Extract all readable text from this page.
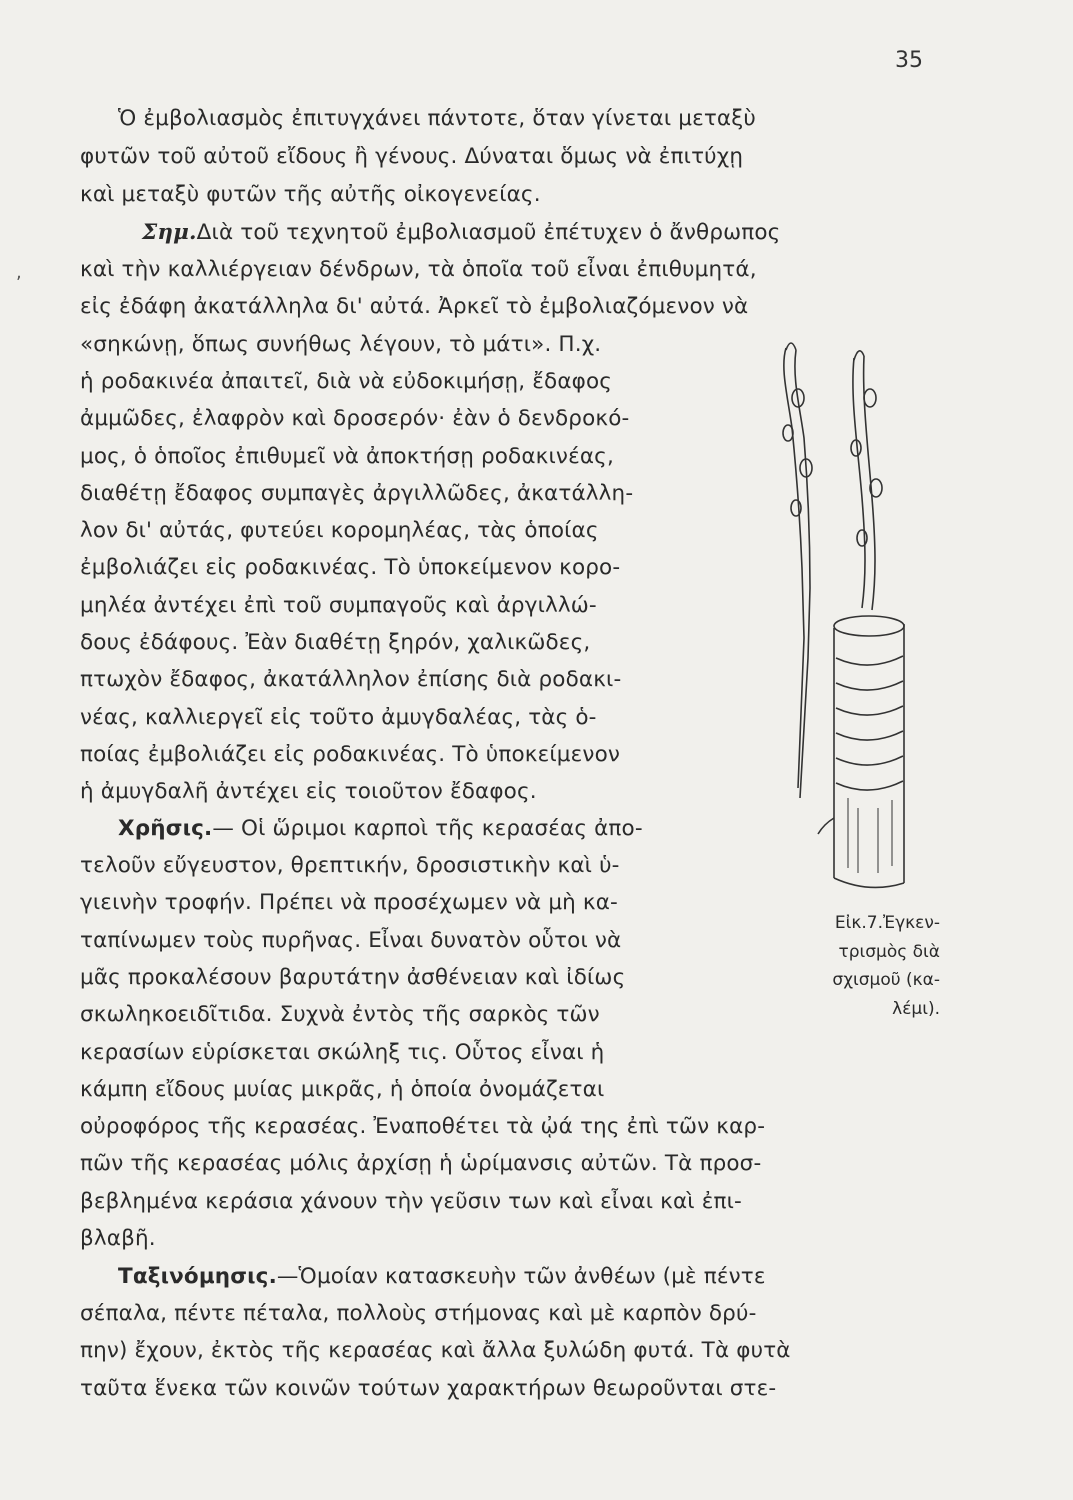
35
Ὁ ἐμβολιασμὸς ἐπιτυγχάνει πάντοτε, ὅταν γίνεται μεταξὺ
φυτῶν τοῦ αὐτοῦ εἴδους ἢ γένους. Δύναται ὅμως νὰ ἐπιτύχῃ
καὶ μεταξὺ φυτῶν τῆς αὐτῆς οἰκογενείας.
Σημ.Διὰ τοῦ τεχνητοῦ ἐμβολιασμοῦ ἐπέτυχεν ὁ ἄνθρωπος
καὶ τὴν καλλιέργειαν δένδρων, τὰ ὁποῖα τοῦ εἶναι ἐπιθυμητά,
εἰς ἐδάφη ἀκατάλληλα δι' αὐτά. Ἀρκεῖ τὸ ἐμβολιαζόμενον νὰ
«σηκώνῃ, ὅπως συνήθως λέγουν, τὸ μάτι». Π.χ.
ἡ ροδακινέα ἀπαιτεῖ, διὰ νὰ εὐδοκιμήσῃ, ἔδαφος
ἀμμῶδες, ἐλαφρὸν καὶ δροσερόν· ἐὰν ὁ δενδροκό-
μος, ὁ ὁποῖος ἐπιθυμεῖ νὰ ἀποκτήσῃ ροδακινέας,
διαθέτῃ ἔδαφος συμπαγὲς ἀργιλλῶδες, ἀκατάλλη-
λον δι' αὐτάς, φυτεύει κορομηλέας, τὰς ὁποίας
ἐμβολιάζει εἰς ροδακινέας. Τὸ ὑποκείμενον κορο-
μηλέα ἀντέχει ἐπὶ τοῦ συμπαγοῦς καὶ ἀργιλλώ-
δους ἐδάφους. Ἐὰν διαθέτῃ ξηρόν, χαλικῶδες,
πτωχὸν ἔδαφος, ἀκατάλληλον ἐπίσης διὰ ροδακι-
νέας, καλλιεργεῖ εἰς τοῦτο ἀμυγδαλέας, τὰς ὁ-
ποίας ἐμβολιάζει εἰς ροδακινέας. Τὸ ὑποκείμενον
ἡ ἀμυγδαλῆ ἀντέχει εἰς τοιοῦτον ἔδαφος.
Χρῆσις.— Οἱ ὥριμοι καρποὶ τῆς κερασέας ἀπο-
τελοῦν εὔγευστον, θρεπτικήν, δροσιστικὴν καὶ ὑ-
γιεινὴν τροφήν. Πρέπει νὰ προσέχωμεν νὰ μὴ κα-
ταπίνωμεν τοὺς πυρῆνας. Εἶναι δυνατὸν οὗτοι νὰ
μᾶς προκαλέσουν βαρυτάτην ἀσθένειαν καὶ ἰδίως
σκωληκοειδῖτιδα. Συχνὰ ἐντὸς τῆς σαρκὸς τῶν
κερασίων εὑρίσκεται σκώληξ τις. Οὗτος εἶναι ἡ
κάμπη εἴδους μυίας μικρᾶς, ἡ ὁποία ὀνομάζεται
οὐροφόρος τῆς κερασέας. Ἐναποθέτει τὰ ᾠά της ἐπὶ τῶν καρ-
πῶν τῆς κερασέας μόλις ἀρχίσῃ ἡ ὡρίμανσις αὐτῶν. Τὰ προσ-
βεβλημένα κεράσια χάνουν τὴν γεῦσιν των καὶ εἶναι καὶ ἐπι-
βλαβῆ.
Εἰκ.7.Ἐγκεν-
τρισμὸς διὰ
σχισμοῦ (κα-
λέμι).
Ταξινόμησις.—Ὁμοίαν κατασκευὴν τῶν ἀνθέων (μὲ πέντε
σέπαλα, πέντε πέταλα, πολλοὺς στήμονας καὶ μὲ καρπὸν δρύ-
πην) ἔχουν, ἐκτὸς τῆς κερασέας καὶ ἄλλα ξυλώδη φυτά. Τὰ φυτὰ
ταῦτα ἕνεκα τῶν κοινῶν τούτων χαρακτήρων θεωροῦνται στε-
,
